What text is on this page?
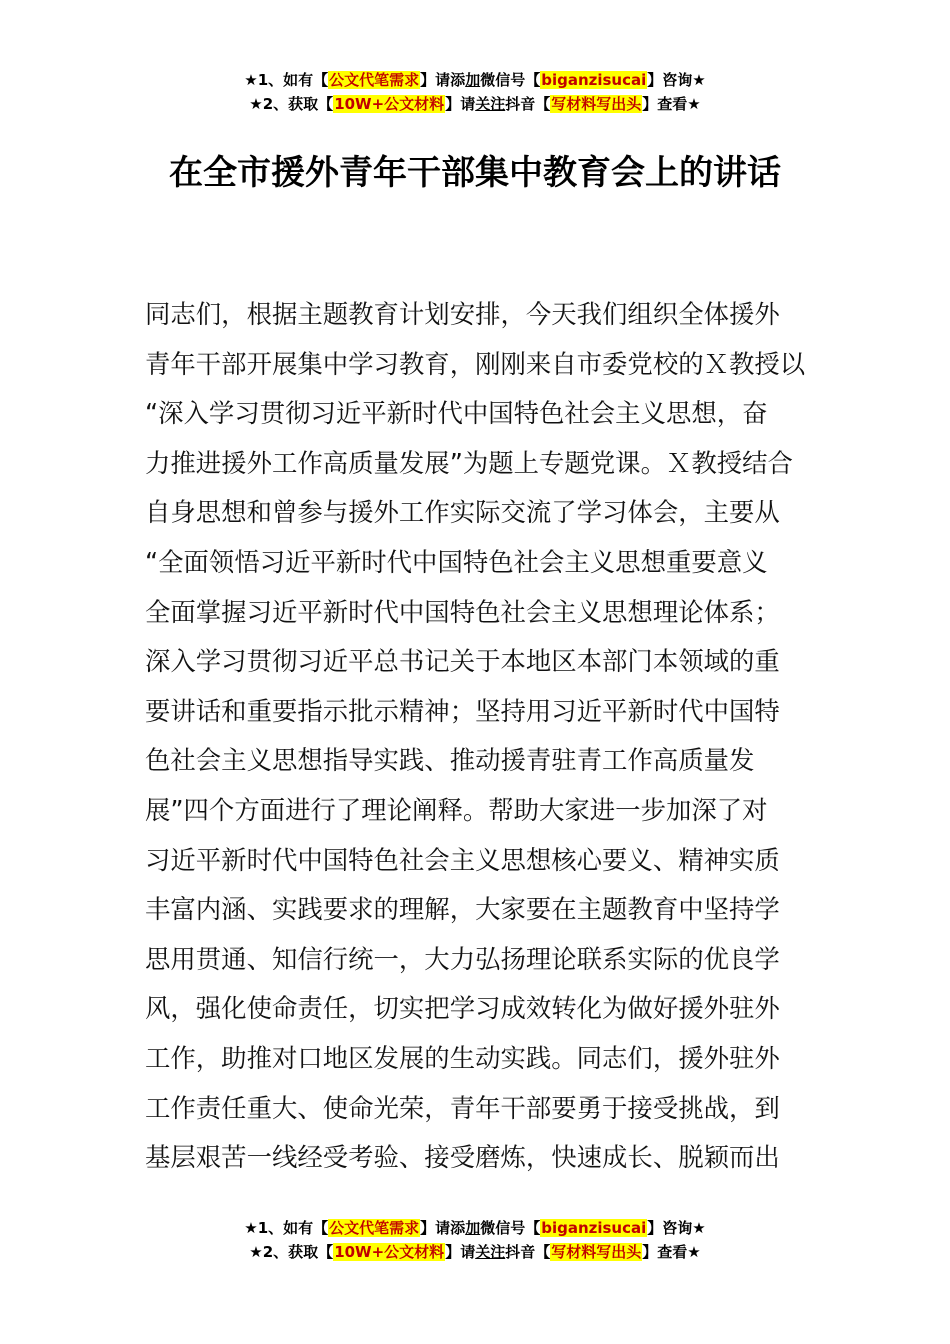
★1、如有【公文代笔需求】请添加微信号【biganzisucai】咨询★
★2、获取【10W+公文材料】请关注抖音【写材料写出头】查看★
在全市援外青年干部集中教育会上的讲话
同志们，根据主题教育计划安排，今天我们组织全体援外
青年干部开展集中学习教育，刚刚来自市委党校的Ｘ教授以
“深入学习贯彻习近平新时代中国特色社会主义思想，奋
力推进援外工作高质量发展”为题上专题党课。Ｘ教授结合
自身思想和曾参与援外工作实际交流了学习体会，主要从
“全面领悟习近平新时代中国特色社会主义思想重要意义
全面掌握习近平新时代中国特色社会主义思想理论体系；
深入学习贯彻习近平总书记关于本地区本部门本领域的重
要讲话和重要指示批示精神；坚持用习近平新时代中国特
色社会主义思想指导实践、推动援青驻青工作高质量发
展”四个方面进行了理论阐释。帮助大家进一步加深了对
习近平新时代中国特色社会主义思想核心要义、精神实质
丰富内涵、实践要求的理解，大家要在主题教育中坚持学
思用贯通、知信行统一，大力弘扬理论联系实际的优良学
风，强化使命责任，切实把学习成效转化为做好援外驻外
工作，助推对口地区发展的生动实践。同志们，援外驻外
工作责任重大、使命光荣，青年干部要勇于接受挑战，到
基层艰苦一线经受考验、接受磨炼，快速成长、脱颖而出
★1、如有【公文代笔需求】请添加微信号【biganzisucai】咨询★
★2、获取【10W+公文材料】请关注抖音【写材料写出头】查看★
